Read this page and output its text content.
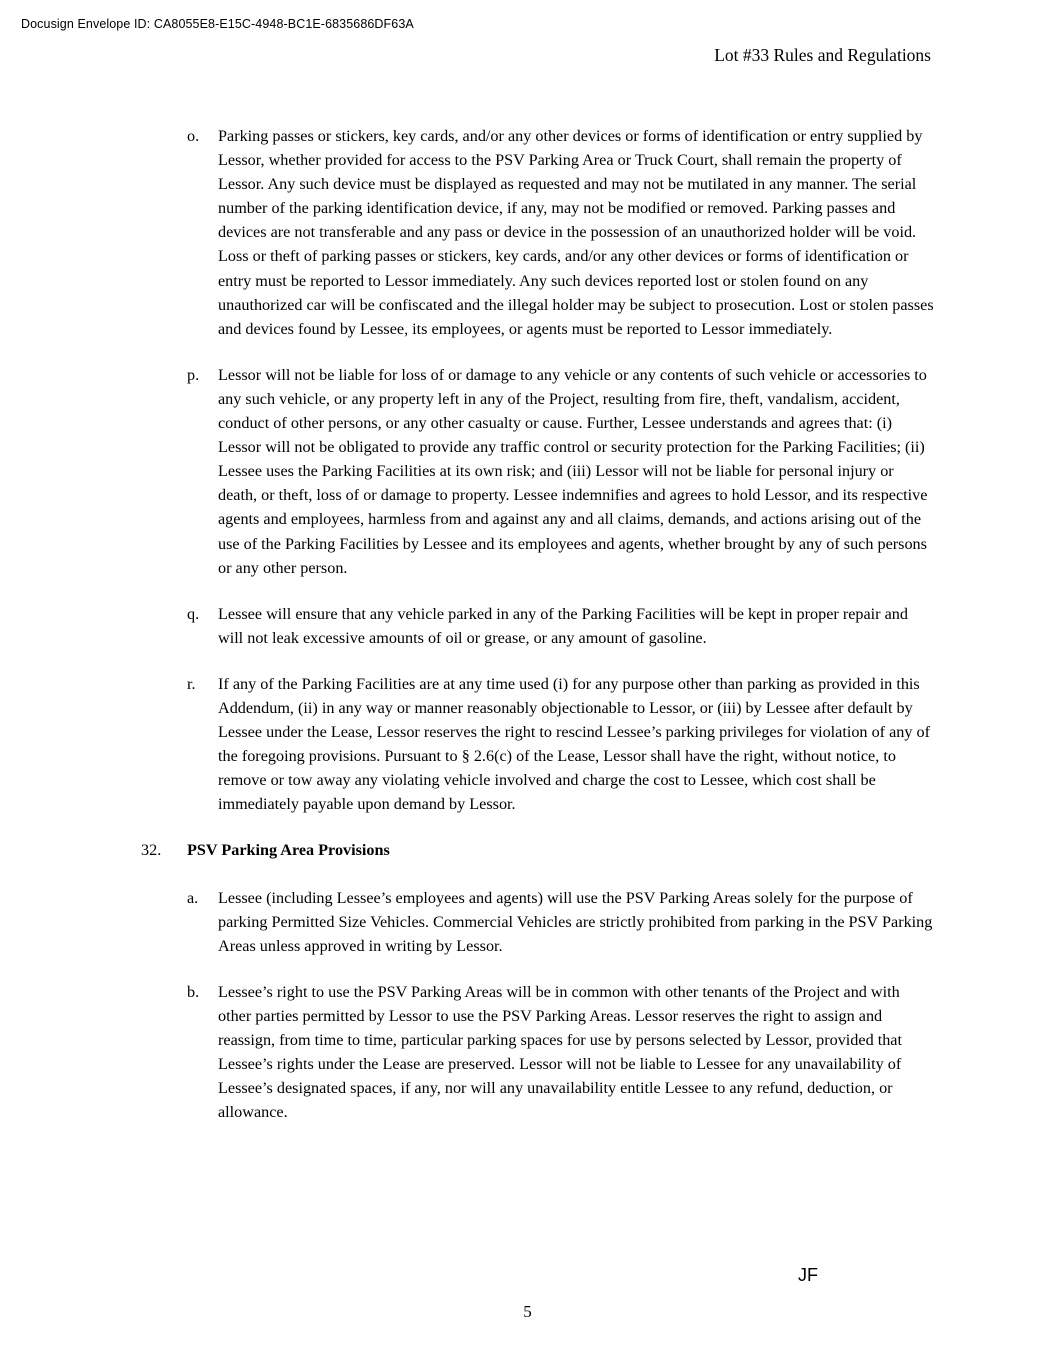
Docusign Envelope ID: CA8055E8-E15C-4948-BC1E-6835686DF63A
Lot #33 Rules and Regulations
o. Parking passes or stickers, key cards, and/or any other devices or forms of identification or entry supplied by Lessor, whether provided for access to the PSV Parking Area or Truck Court, shall remain the property of Lessor. Any such device must be displayed as requested and may not be mutilated in any manner. The serial number of the parking identification device, if any, may not be modified or removed. Parking passes and devices are not transferable and any pass or device in the possession of an unauthorized holder will be void. Loss or theft of parking passes or stickers, key cards, and/or any other devices or forms of identification or entry must be reported to Lessor immediately. Any such devices reported lost or stolen found on any unauthorized car will be confiscated and the illegal holder may be subject to prosecution. Lost or stolen passes and devices found by Lessee, its employees, or agents must be reported to Lessor immediately.
p. Lessor will not be liable for loss of or damage to any vehicle or any contents of such vehicle or accessories to any such vehicle, or any property left in any of the Project, resulting from fire, theft, vandalism, accident, conduct of other persons, or any other casualty or cause. Further, Lessee understands and agrees that: (i) Lessor will not be obligated to provide any traffic control or security protection for the Parking Facilities; (ii) Lessee uses the Parking Facilities at its own risk; and (iii) Lessor will not be liable for personal injury or death, or theft, loss of or damage to property. Lessee indemnifies and agrees to hold Lessor, and its respective agents and employees, harmless from and against any and all claims, demands, and actions arising out of the use of the Parking Facilities by Lessee and its employees and agents, whether brought by any of such persons or any other person.
q. Lessee will ensure that any vehicle parked in any of the Parking Facilities will be kept in proper repair and will not leak excessive amounts of oil or grease, or any amount of gasoline.
r. If any of the Parking Facilities are at any time used (i) for any purpose other than parking as provided in this Addendum, (ii) in any way or manner reasonably objectionable to Lessor, or (iii) by Lessee after default by Lessee under the Lease, Lessor reserves the right to rescind Lessee’s parking privileges for violation of any of the foregoing provisions. Pursuant to § 2.6(c) of the Lease, Lessor shall have the right, without notice, to remove or tow away any violating vehicle involved and charge the cost to Lessee, which cost shall be immediately payable upon demand by Lessor.
32. PSV Parking Area Provisions
a. Lessee (including Lessee’s employees and agents) will use the PSV Parking Areas solely for the purpose of parking Permitted Size Vehicles. Commercial Vehicles are strictly prohibited from parking in the PSV Parking Areas unless approved in writing by Lessor.
b. Lessee’s right to use the PSV Parking Areas will be in common with other tenants of the Project and with other parties permitted by Lessor to use the PSV Parking Areas. Lessor reserves the right to assign and reassign, from time to time, particular parking spaces for use by persons selected by Lessor, provided that Lessee’s rights under the Lease are preserved. Lessor will not be liable to Lessee for any unavailability of Lessee’s designated spaces, if any, nor will any unavailability entitle Lessee to any refund, deduction, or allowance.
JF
5
